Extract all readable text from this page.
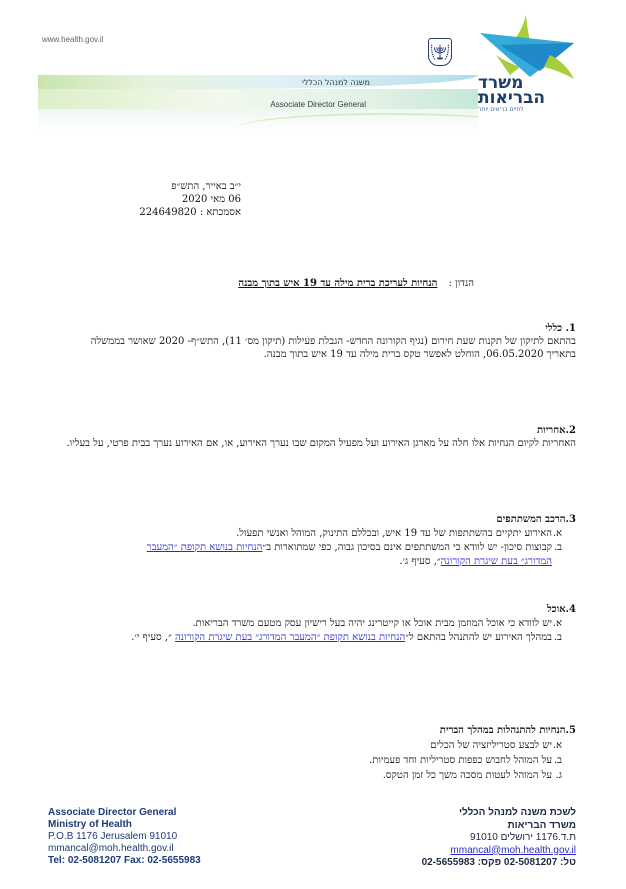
www.health.gov.il
משנה למנהל הכללי
Associate Director General
משרד
הבריאות
לחיים בריאים יותר
י״ב באייר, התש״פ
06 מאי 2020
אסמכתא : 224649820
הנדון : הנחיות לעריכת ברית מילה עד 19 איש בתוך מבנה
1. כללי
בהתאם לתיקון של תקנות שעת חירום (נגיף הקורונה החדש- הגבלת פעילות (תיקון מס׳ 11), התש״ף- 2020 שאושר בממשלה בתאריך 06.05.2020, הוחלט לאפשר טקס ברית מילה עד 19 איש בתוך מבנה.
2.אחריות
האחריות לקיום הנחיות אלו חלה על מארגן האירוע ועל מפעיל המקום שבו נערך האירוע, או, אם האירוע נערך בבית פרטי, על בעליו.
3.הרכב המשתתפים
א.
האירוע יתקיים בהשתתפות של עד 19 איש, ובכללם התינוק, המוהל ואנשי תפעול.
ב.
קבוצות סיכון- יש לוודא כי המשתתפים אינם בסיכון גבוה, כפי שמתוארות ב״הנחיות בנושא תקופת ״המעבר המדורג״ בעת שיגרת הקורונה״, סעיף ג׳.
4.אוכל
א.
יש לוודא כי אוכל המוזמן מבית אוכל או קייטרינג יהיה בעל רישיון עסק מטעם משרד הבריאות.
ב.
במהלך האירוע יש להתנהל בהתאם ל״הנחיות בנושא תקופת ״המעבר המדורג״ בעת שיגרת הקורונה ״, סעיף י׳.
5.הנחיות להתנהלות במהלך הברית
א.
יש לבצע סטריליזציה של הכלים
ב.
על המוהל לחבוש כפפות סטריליות וחד פעמיות.
ג.
על המוהל לעטות מסכה משך כל זמן הטקס.
Associate Director General
Ministry of Health
P.O.B 1176 Jerusalem 91010
mmancal@moh.health.gov.il
Tel: 02-5081207 Fax: 02-5655983
לשכת משנה למנהל הכללי
משרד הבריאות
ת.ד.1176 ירושלים 91010
mmancal@moh.health.gov.il
טל: 02-5081207 פקס: 02-5655983
